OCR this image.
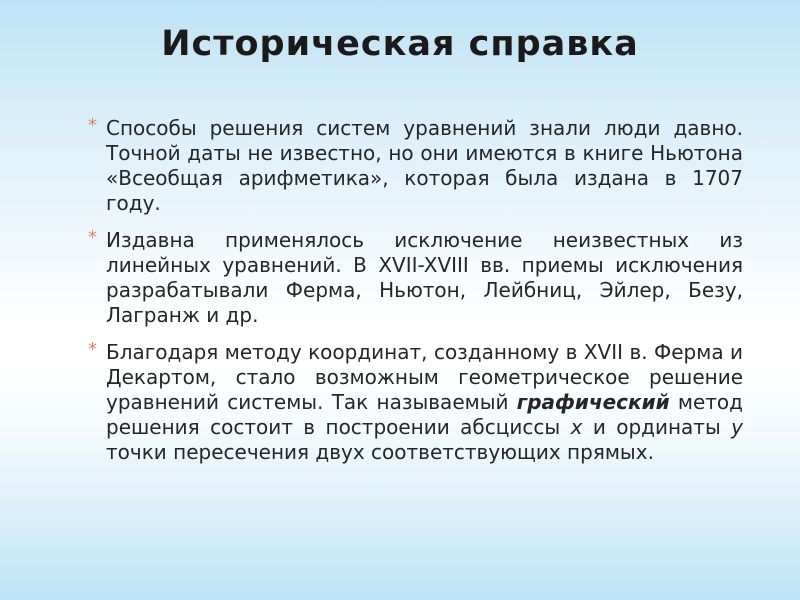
Историческая справка
* Способы решения систем уравнений знали люди давно. Точной даты не известно, но они имеются в книге Ньютона «Всеобщая арифметика», которая была издана в 1707 году.
* Издавна применялось исключение неизвестных из линейных уравнений. В XVII-XVIII вв. приемы исключения разрабатывали Ферма, Ньютон, Лейбниц, Эйлер, Безу, Лагранж и др.
* Благодаря методу координат, созданному в XVII в. Ферма и Декартом, стало возможным геометрическое решение уравнений системы. Так называемый графический метод решения состоит в построении абсциссы х и ординаты у точки пересечения двух соответствующих прямых.
